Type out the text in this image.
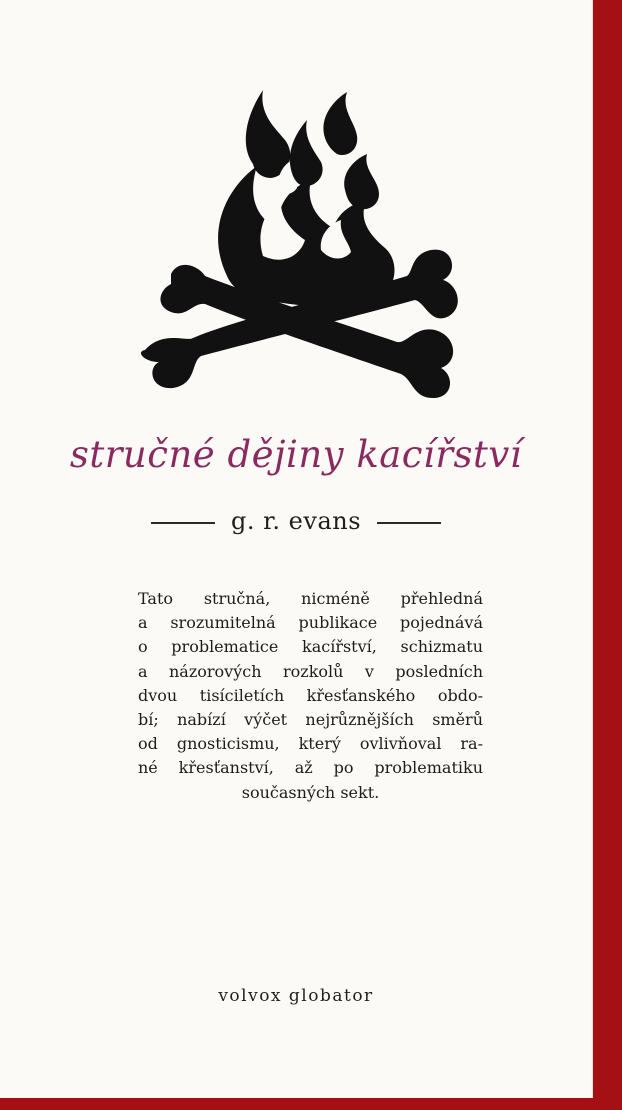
stručné dějiny kacířství
g. r. evans

Tato stručná, nicméně přehledná
a srozumitelná publikace pojednává
o problematice kacířství, schizmatu
a názorových rozkolů v posledních
dvou tisíciletích křesťanského obdo-
bí; nabízí výčet nejrůznějších směrů
od gnosticismu, který ovlivňoval ra-
né křesťanství, až po problematiku
současných sekt.

volvox globator
